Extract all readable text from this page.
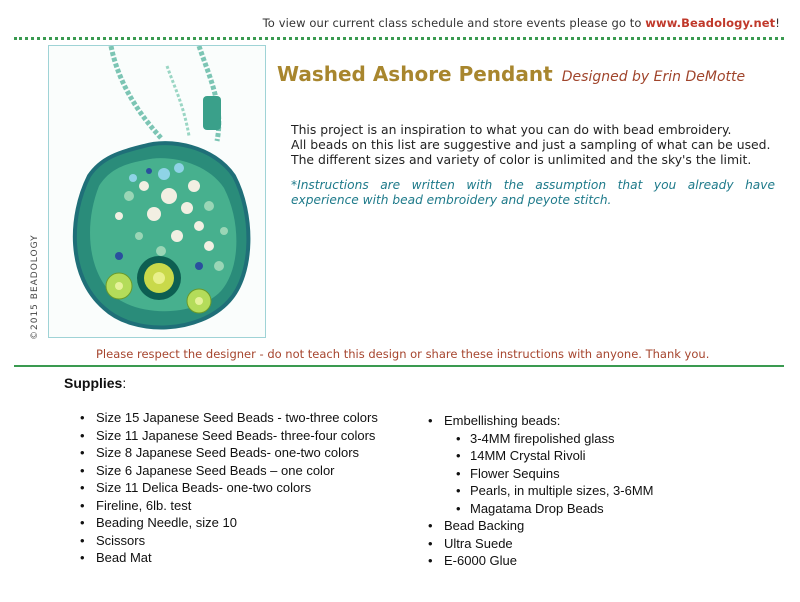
To view our current class schedule and store events please go to www.Beadology.net!
©2015 BEADOLOGY
Washed Ashore Pendant Designed by Erin DeMotte

This project is an inspiration to what you can do with bead embroidery.

All beads on this list are suggestive and just a sampling of what can be used.

The different sizes and variety of color is unlimited and the sky's the limit.

*Instructions are written with the assumption that you already have experience with bead embroidery and peyote stitch.
Please respect the designer - do not teach this design or share these instructions with anyone. Thank you.
Supplies:
• Size 15 Japanese Seed Beads - two-three colors
• Size 11 Japanese Seed Beads- three-four colors
• Size 8 Japanese Seed Beads- one-two colors
• Size 6 Japanese Seed Beads – one color
• Size 11 Delica Beads- one-two colors
• Fireline, 6lb. test
• Beading Needle, size 10
• Scissors
• Bead Mat
• Embellishing beads:
• 3-4MM firepolished glass
• 14MM Crystal Rivoli
• Flower Sequins
• Pearls, in multiple sizes, 3-6MM
• Magatama Drop Beads
• Bead Backing
• Ultra Suede
• E-6000 Glue
